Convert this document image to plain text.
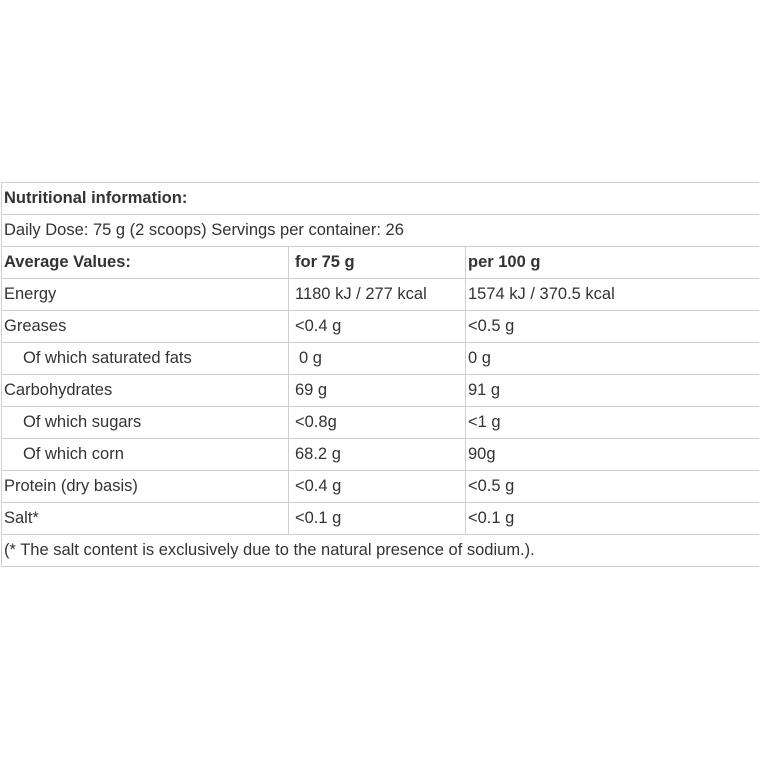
Nutritional information:		
Daily Dose: 75 g (2 scoops) Servings per container: 26		
Average Values:	for 75 g	per 100 g
Energy	1180 kJ / 277 kcal	1574 kJ / 370.5 kcal
Greases	<0.4 g	<0.5 g
Of which saturated fats	0 g	0 g
Carbohydrates	69 g	91 g
Of which sugars	<0.8g	<1 g
Of which corn	68.2 g	90g
Protein (dry basis)	<0.4 g	<0.5 g
Salt*	<0.1 g	<0.1 g
(* The salt content is exclusively due to the natural presence of sodium.).		
